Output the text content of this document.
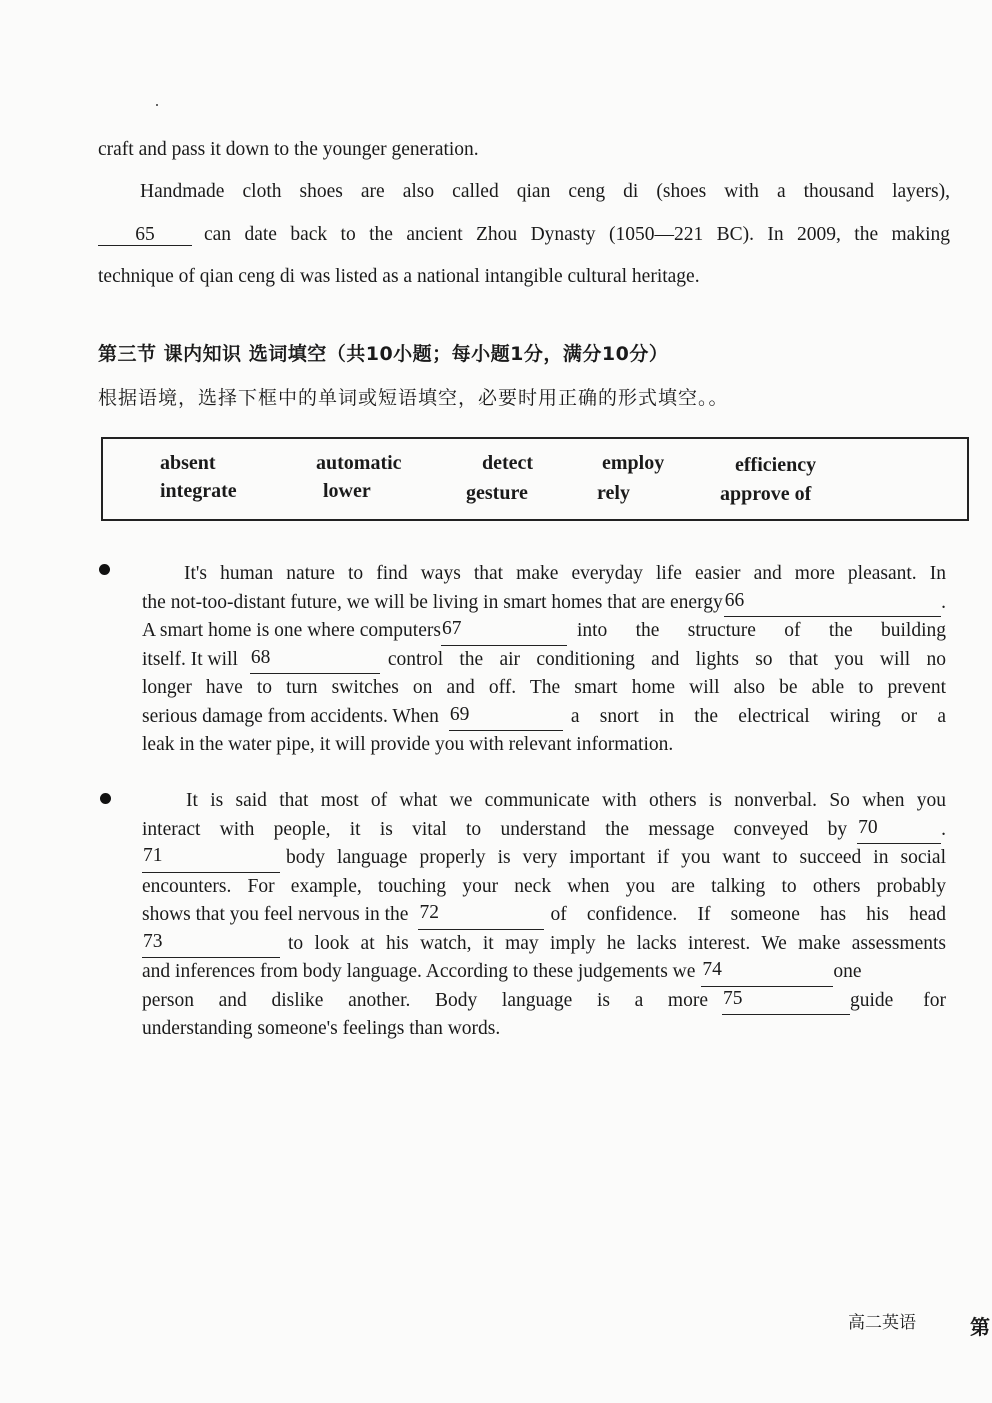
craft and pass it down to the younger generation.
Handmade cloth shoes are also called qian ceng di (shoes with a thousand layers),
65	can date back to the ancient Zhou Dynasty (1050—221 BC). In 2009, the making
technique of qian ceng di was listed as a national intangible cultural heritage.
第三节 课内知识 选词填空（共10小题；每小题1分，满分10分）
根据语境，选择下框中的单词或短语填空，必要时用正确的形式填空。。
absent	automatic	detect	employ	efficiency
integrate	lower	gesture	rely	approve of
It's human nature to find ways that make everyday life easier and more pleasant. In
the not-too-distant future, we will be living in smart homes that are energy 66	.
A smart home is one where computers 67	into the structure of the building
itself. It will 68	control the air conditioning and lights so that you will no
longer have to turn switches on and off. The smart home will also be able to prevent
serious damage from accidents. When 69	a snort in the electrical wiring or a
leak in the water pipe, it will provide you with relevant information.
It is said that most of what we communicate with others is nonverbal. So when you
interact with people, it is vital to understand the message conveyed by 70	.
71	body language properly is very important if you want to succeed in social
encounters. For example, touching your neck when you are talking to others probably
shows that you feel nervous in the 72	of confidence. If someone has his head
73	to look at his watch, it may imply he lacks interest. We make assessments
and inferences from body language. According to these judgements we 74	one
person and dislike another. Body language is a more 75	guide for
understanding someone's feelings than words.
高二英语	第
